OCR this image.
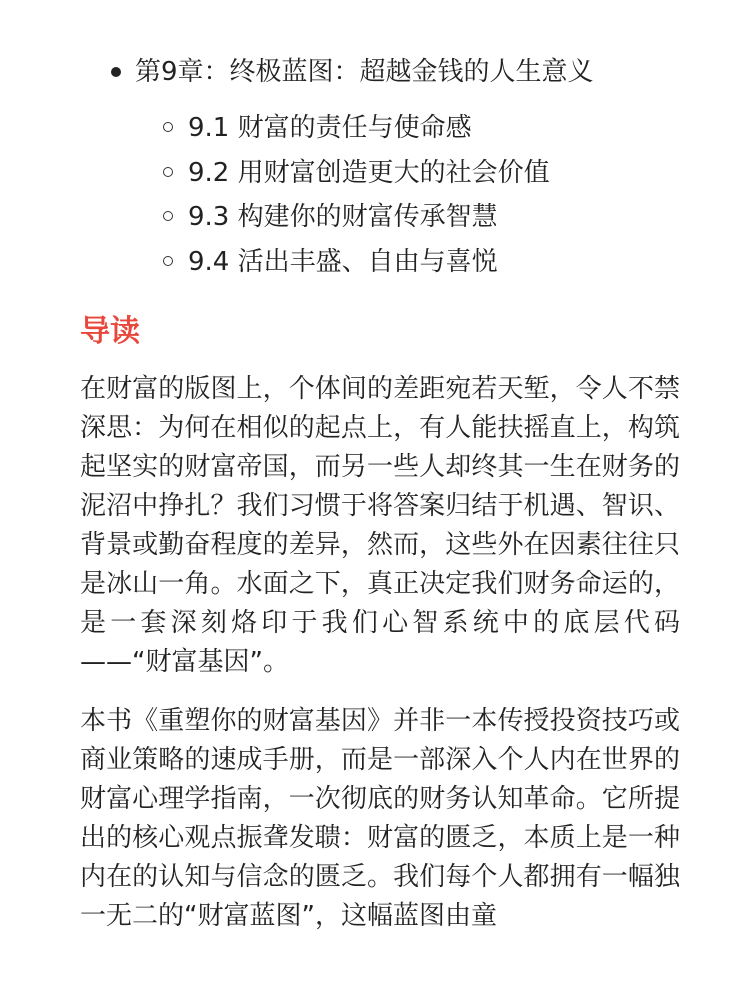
第9章：终极蓝图：超越金钱的人生意义
9.1 财富的责任与使命感
9.2 用财富创造更大的社会价值
9.3 构建你的财富传承智慧
9.4 活出丰盛、自由与喜悦
导读

在财富的版图上，个体间的差距宛若天堑，令人不禁深思：为何在相似的起点上，有人能扶摇直上，构筑起坚实的财富帝国，而另一些人却终其一生在财务的泥沼中挣扎？我们习惯于将答案归结于机遇、智识、背景或勤奋程度的差异，然而，这些外在因素往往只是冰山一角。水面之下，真正决定我们财务命运的，是一套深刻烙印于我们心智系统中的底层代码——“财富基因”。

本书《重塑你的财富基因》并非一本传授投资技巧或商业策略的速成手册，而是一部深入个人内在世界的财富心理学指南，一次彻底的财务认知革命。它所提出的核心观点振聋发聩：财富的匮乏，本质上是一种内在的认知与信念的匮乏。我们每个人都拥有一幅独一无二的“财富蓝图”，这幅蓝图由童
